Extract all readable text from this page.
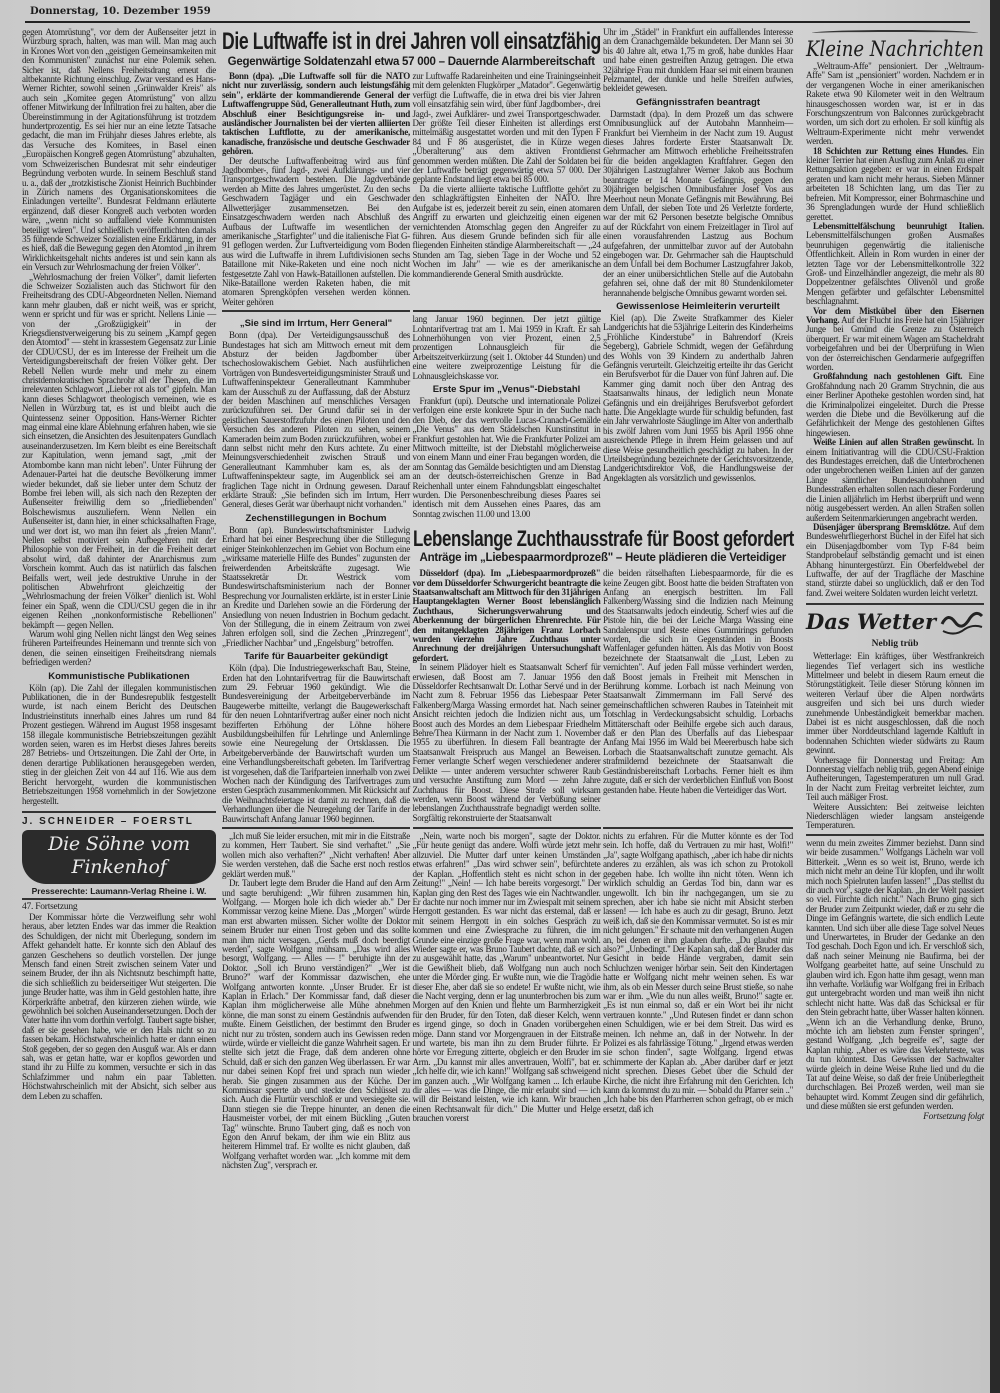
Donnerstag, 10. Dezember 1959

gegen Atomrüstung", vor dem der Außenseiter jetzt in Würzburg sprach, halten, was man will. Man mag auch in Krones Wort von den „geistigen Gemeinsamkeiten mit den Kommunisten" zunächst nur eine Polemik sehen. Sicher ist, daß Nellens Freiheitsdrang erneut die altbekannte Richtung einschlug. Zwar verstand es Hans-Werner Richter, sowohl seinen „Grünwalder Kreis" als auch sein „Komitee gegen Atomrüstung" von allzu offener Mitwirkung der Infiltration frei zu halten, aber die Übereinstimmung in der Agitationsführung ist trotzdem hundertprozentig. Es sei hier nur an eine letzte Tatsache gedacht, die man im Frühjahr dieses Jahres erlebte, als das Versuche des Komitees, in Basel einen „Europäischen Kongreß gegen Atomrüstung" abzuhalten, vom Schweizerischen Bundesrat mit sehr eindeutiger Begründung verboten wurde. In seinem Beschluß stand u. a., daß der „trotzkistische Zionist Heinrich Buchbinder in Zürich namens des Organisationskomitees die Einladungen verteilte". Bundesrat Feldmann erläuterte ergänzend, daß dieser Kongreß auch verboten worden wäre, „wenn nicht so auffallend viele Kommunisten beteiligt wären". Und schließlich veröffentlichten damals 35 führende Schweizer Sozialisten eine Erklärung, in der es hieß, daß die Bewegung gegen den Atomtod „in ihrem Wirklichkeitsgehalt nichts anderes ist und sein kann als ein Versuch zur Wehrlosmachung der freien Völker".

„Wehrlosmachung der freien Völker", damit lieferten die Schweizer Sozialisten auch das Stichwort für den Freiheitsdrang des CDU-Abgeordneten Nellen. Niemand kann mehr glauben, daß er nicht weiß, was er spricht, wenn er spricht und für was er spricht. Nellens Linie — von der „Großzügigkeit" in der Kriegsdienstverweigerung bis zu seinem „Kampf gegen den Atomtod" — steht in krassestem Gegensatz zur Linie der CDU/CSU, der es im Interesse der Freiheit um die Verteidigungsbereitschaft der freien Völker geht. Der Rebell Nellen wurde mehr und mehr zu einem christdemokratischen Sprachrohr all der Thesen, die im irrelevanten Schlagwort „Lieber rot als tot" gipfeln. Man kann dieses Schlagwort theologisch verneinen, wie es Nellen in Würzburg tat, es ist und bleibt auch die Quintessenz seiner Opposition. Hans-Werner Richter mag einmal eine klare Ablehnung erfahren haben, wie sie sich einsetzen, die Ansichten des Jesuitenpaters Gundlach auseinanderzusetzen. Im Kern bleibt es eine Bereitschaft zur Kapitulation, wenn jemand sagt, „mit der Atombombe kann man nicht leben". Unter Führung der Adenauer-Partei hat die deutsche Bevölkerung immer wieder bekundet, daß sie lieber unter dem Schutz der Bombe frei leben will, als sich nach den Rezepten der Außenseiter freiwillig dem so „friedliebenden" Bolschewismus auszuliefern. Wenn Nellen ein Außenseiter ist, dann hier, in einer schicksalhaften Frage, und wer dort ist, wo man ihn feiert als „freien Mann". Nellen selbst motiviert sein Aufbegehren mit der Philosophie von der Freiheit, in der die Freiheit derart absolut wird, daß dahinter der Anarchismus zum Vorschein kommt. Auch das ist natürlich das falschen Beifalls wert, weil jede destruktive Unruhe in der politischen Abwehrfront gleichzeitig der „Wehrlosmachung der freien Völker" dienlich ist. Wohl feiner ein Spaß, wenn die CDU/CSU gegen die in ihr eigenen Reihen „nonkonformistische Rebellionen" bekämpft — gegen Nellen.

Warum wohl ging Nellen nicht längst den Weg seines früheren Parteifreundes Heinemann und trennte sich von denen, die seinen einseitigen Freiheitsdrang niemals befriedigen werden?

Kommunistische Publikationen

Köln (ap). Die Zahl der illegalen kommunistischen Publikationen, die in der Bundesrepublik festgestellt wurde, ist nach einem Bericht des Deutschen Industrieinstituts innerhalb eines Jahres um rund 84 Prozent gestiegen. Während im August 1958 insgesamt 158 illegale kommunistische Betriebszeitungen gezählt worden seien, waren es im Herbst dieses Jahres bereits 287 Betriebs- und Ortszeitungen. Die Zahl der Orte, in denen derartige Publikationen herausgegeben werden, stieg in der gleichen Zeit von 44 auf 116. Wie aus dem Bericht hervorgeht, wurden die kommunistischen Betriebszeitungen 1958 vornehmlich in der Sowjetzone hergestellt.

J. SCHNEIDER – FOERSTL
Die Söhne vom Finkenhof
Presserechte: Laumann-Verlag Rheine i. W.
47. Fortsetzung

Der Kommissar hörte die Verzweiflung sehr wohl heraus, aber letzten Endes war das immer die Reaktion des Schuldigen, der nicht mit Überlegung, sondern im Affekt gehandelt hatte. Er konnte sich den Ablauf des ganzen Geschehens so deutlich vorstellen. Der junge Mensch fand einen Streit zwischen seinem Vater und seinem Bruder, der ihn als Nichtsnutz beschimpft hatte, die sich schließlich zu beiderseitiger Wut steigerten. Die junge Bruder hatte, was ihm in Geld gestohlen hatte, ihre Körperkräfte anbetraf, den kürzeren ziehen würde, wie gewöhnlich bei solchen Auseinandersetzungen. Doch der Vater hatte ihn vom dorthin verfolgt. Taubert sagte bisher, daß er sie gesehen habe, wie er den Hals nicht so zu fassen bekam. Höchstwahrscheinlich hatte er dann einen Stoß gegeben, der so gegen den Ausguß war. Als er dann sah, was er getan hatte, war er kopflos geworden und stand ihr zu Hilfe zu kommen, versuchte er sich in das Schlafzimmer und nahm ein paar Tabletten. Höchstwahrscheinlich mit der Absicht, sich selber aus dem Leben zu schaffen.

Die Luftwaffe ist in drei Jahren voll einsatzfähig
Gegenwärtige Soldatenzahl etwa 57 000 – Dauernde Alarmbereitschaft

Uhr im „Städel" in Frankfurt ein auffallendes Interesse an dem Cranachgemälde bekundeten. Der Mann sei 30 bis 40 Jahre alt, etwa 1,75 m groß, habe dunkles Haar und habe einen gestreiften Anzug getragen. Die etwa 32jährige Frau mit dunklem Haar sei mit einem braunen Pelzmantel, der dunkle und helle Streifen aufwies, bekleidet gewesen.

Gefängnisstrafen beantragt

Darmstadt (dpa). In dem Prozeß um das schwere Omnibusunglück auf der Autobahn Mannheim—Frankfurt bei Viernheim in der Nacht zum 19. August dieses Jahres forderte Erster Staatsanwalt Dr. Gehrmacher am Mittwoch erhebliche Freiheitsstrafen für die beiden angeklagten Kraftfahrer. Gegen den 30jährigen Lastzugfahrer Werner Jakob aus Bochum beantragte er 14 Monate Gefängnis, gegen den 30jährigen belgischen Omnibusfahrer Josef Vos aus Meerhout neun Monate Gefängnis mit Bewährung. Bei dem Unfall, der sieben Tote und 26 Verletzte forderte, war der mit 62 Personen besetzte belgische Omnibus auf der Rückfahrt von einem Freizeitlager in Tirol auf einen vorausfahrenden Lastzug aus Bochum aufgefahren, der unmittelbar zuvor auf der Autobahn eingebogen war. Dr. Gehrmacher sah die Hauptschuld an dem Unfall bei dem Bochumer Lastzugfahrer Jakob, der an einer unübersichtlichen Stelle auf die Autobahn gefahren sei, ohne daß der mit 80 Stundenkilometer herannahende belgische Omnibus gewarnt worden sei.

Gewissenlose Heimleiterin verurteilt

Kiel (ap). Die Zweite Strafkammer des Kieler Landgerichts hat die 53jährige Leiterin des Kinderheims „Fröhliche Kinderstube" in Bahrendorf (Kreis Segeberg), Gabriele Schmidt, wegen der Gefährdung des Wohls von 39 Kindern zu anderthalb Jahren Gefängnis verurteilt. Gleichzeitig erteilte ihr das Gericht ein Berufsverbot für die Dauer von fünf Jahren auf. Die Kammer ging damit noch über den Antrag des Staatsanwalts hinaus, der lediglich neun Monate Gefängnis und ein dreijähriges Berufsverbot gefordert hatte. Die Angeklagte wurde für schuldig befunden, fast ein Jahr verwahrloste Säuglinge im Alter von anderthalb bis zwölf Jahren vom Juni 1955 bis April 1956 ohne ausreichende Pflege in ihrem Heim gelassen und auf diese Weise gesundheitlich geschädigt zu haben. In der Urteilsbegründung bezeichnete der Gerichtsvorsitzende, Landgerichtsdirektor Voß, die Handlungsweise der Angeklagten als vorsätzlich und gewissenlos.

Bonn (dpa). „Die Luftwaffe soll für die NATO nicht nur zuverlässig, sondern auch leistungsfähig sein", erklärte der kommandierende General der Luftwaffengruppe Süd, Generalleutnant Huth, zum Abschluß einer Besichtigungsreise in- und ausländischer Journalisten bei der vierten alliierten taktischen Luftflotte, zu der amerikanische, kanadische, französische und deutsche Geschwader gehören.

Der deutsche Luftwaffenbeitrag wird aus fünf Jagdbomber-, fünf Jagd-, zwei Aufklärungs- und vier Transportgeschwadern bestehen. Die Jagdverbände werden ab Mitte des Jahres umgerüstet. Zu den sechs Geschwadern Tagjäger und ein Geschwader Allwetterjäger zusammensetzen. Bei den Einsatzgeschwadern werden nach Abschluß des Aufbaus der Luftwaffe im wesentlichen der amerikanische „Starfighter" und die italienische Fiat G-91 geflogen werden. Zur Luftverteidigung vom Boden aus wird die Luftwaffe in ihrem Luftdivisionen sechs Bataillone mit Nike-Raketen und eine noch nicht festgesetzte Zahl von Hawk-Bataillonen aufstellen. Die Nike-Bataillone werden Raketen haben, die mit atomaren Sprengköpfen versehen werden können. Weiter gehören

zur Luftwaffe Radareinheiten und eine Trainingseinheit mit dem gelenkten Flugkörper „Matador". Gegenwärtig verfügt die Luftwaffe, die in etwa drei bis vier Jahren voll einsatzfähig sein wird, über fünf Jagdbomber-, drei Jagd-, zwei Aufklärer- und zwei Transportgeschwader. Der größte Teil dieser Einheiten ist allerdings erst mittelmäßig ausgestattet worden und mit den Typen F 84 und F 86 ausgerüstet, die in Kürze wegen „Überalterung" aus dem aktiven Frontdienst genommen werden müßten. Die Zahl der Soldaten bei der Luftwaffe beträgt gegenwärtig etwa 57 000. Der geplante Endstand liegt etwa bei 85 000.

Da die vierte alliierte taktische Luftflotte gehört zu den schlagkräftigsten Einheiten der NATO. Ihre Aufgabe ist es, jederzeit bereit zu sein, einen atomaren Angriff zu erwarten und gleichzeitig einen eigenen vernichtenden Atomschlag gegen den Angreifer zu führen. Aus diesem Grunde befinden sich für alle fliegenden Einheiten ständige Alarmbereitschaft — „24 Stunden am Tag, sieben Tage in der Woche und 52 Wochen im Jahr" — wie es der amerikanische kommandierende General Smith ausdrückte.

„Sie sind im Irrtum, Herr General"

Bonn (dpa). Der Verteidigungsausschuß des Bundestages hat sich am Mittwoch erneut mit dem Absturz der beiden Jagdbomber über tschechoslowakischem Gebiet. Nach ausführlichen Vorträgen von Bundesverteidigungsminister Strauß und Luftwaffeninspekteur Generalleutnant Kammhuber kam der Ausschuß zu der Auffassung, daß der Absturz der beiden Maschinen auf menschliches Versagen zurückzuführen sei. Der Grund dafür sei in der geistlichen Sauerstoffzufuhr des einen Piloten und den Versuchen des anderen Piloten zu sehen, seinem Kameraden beim zum Boden zurückzuführen, wobei er dann selbst nicht mehr den Kurs achtete. Zu einer Meinungsverschiedenheit zwischen Strauß und Generalleutnant Kammhuber kam es, als der Luftwaffeninspekteur sagte, im Augenblick sei am fraglichen Tage nicht in Ordnung gewesen. Darauf erklärte Strauß: „Sie befinden sich im Irrtum, Herr General, dieses Gerät war überhaupt nicht vorhanden."

Zechenstillegungen in Bochum

Bonn (ap). Bundeswirtschaftsminister Ludwig Erhard hat bei einer Besprechung über die Stillegung einiger Steinkohlenzechen im Gebiet von Bochum eine „wirksame materielle Hilfe des Bundes" zugunsten der freiwerdenden Arbeitskräfte zugesagt. Wie Staatssekretär Dr. Westrick vom Bundeswirtschaftsministerium nach der Bonner Besprechung vor Journalisten erklärte, ist in erster Linie an Kredite und Darlehen sowie an die Förderung der Ansiedlung von neuen Industrien in Bochum gedacht. Von der Stillegung, die in einem Zeitraum von zwei Jahren erfolgen soll, sind die Zechen „Prinzregent", „Friedlicher Nachbar" und „Engelsburg" betroffen.

Tarife für Bauarbeiter gekündigt

Köln (dpa). Die Industriegewerkschaft Bau, Steine, Erden hat den Lohntarifvertrag für die Bauwirtschaft zum 29. Februar 1960 gekündigt. Wie die Bundesvereinigung der Arbeitgeberverbände im Baugewerbe mitteilte, verlangt die Baugewerkschaft für den neuen Lohntarifvertrag außer einer noch nicht bezifferten Erhöhung der Löhne höhere Ausbildungsbeihilfen für Lehrlinge und Anlernlinge sowie eine Neuregelung der Ortsklassen. Die Arbeitgeberverbände der Bauwirtschaft wurden um eine Verhandlungsbereitschaft gebeten. Im Tarifvertrag ist vorgesehen, daß die Tarifparteien innerhalb von zwei Wochen nach der Kündigung des Tarifvertrages zum ersten Gespräch zusammenkommen. Mit Rücksicht auf die Weihnachtsfeiertage ist damit zu rechnen, daß die Verhandlungen über die Neuregelung der Tarife in der Bauwirtschaft Anfang Januar 1960 beginnen.

lang Januar 1960 beginnen. Der jetzt gültige Lohntarifvertrag trat am 1. Mai 1959 in Kraft. Er sah Lohnerhöhungen von vier Prozent, einen 2,5 prozentigen Lohnausgleich für die Arbeitszeitverkürzung (seit 1. Oktober 44 Stunden) und eine weitere zweiprozentige Leistung für die Lohnausgleichskasse vor.

Erste Spur im „Venus"-Diebstahl

Frankfurt (upi). Deutsche und internationale Polizei verfolgen eine erste konkrete Spur in der Suche nach den Dieb, der das wertvolle Lucas-Cranach-Gemälde „Die Venus" aus dem Städelschen Kunstinstitut in Frankfurt gestohlen hat. Wie die Frankfurter Polizei am Mittwoch mitteilte, ist der Diebstahl möglicherweise von einem Mann und einer Frau begangen worden, die am Sonntag das Gemälde besichtigten und am Dienstag an der deutsch-österreichischen Grenze in Bad Reichenhall unter einem Fahndungsblatt eingeschaltet wurden. Die Personenbeschreibung dieses Paares sei identisch mit dem Aussehen eines Paares, das am Sonntag zwischen 11.00 und 13.00

Lebenslange Zuchthausstrafe für Boost gefordert
Anträge im „Liebespaarmordprozeß" – Heute plädieren die Verteidiger

Düsseldorf (dpa). Im „Liebespaarmordprozeß" vor dem Düsseldorfer Schwurgericht beantragte die Staatsanwaltschaft am Mittwoch für den 31jährigen Hauptangeklagten Werner Boost lebenslänglich Zuchthaus, Sicherungsverwahrung und Aberkennung der bürgerlichen Ehrenrechte. Für den mitangeklagten 28jährigen Franz Lorbach wurden vierzehn Jahre Zuchthaus unter Anrechnung der dreijährigen Untersuchungshaft gefordert.

In seinem Plädoyer hielt es Staatsanwalt Scherf für erwiesen, daß Boost am 7. Januar 1956 den Düsseldorfer Rechtsanwalt Dr. Lothar Servé und in der Nacht zum 8. Februar 1956 das Liebespaar Peter Falkenberg/Marga Wassing ermordet hat. Nach seiner Ansicht reichten jedoch die Indizien nicht aus, um Boost auch des Mordes an dem Liebespaar Friedhelm Behre/Thea Kürmann in der Nacht zum 1. November 1955 zu überführen. In diesem Fall beantragte der Staatsanwalt Freispruch aus Mangel an Beweisen. Ferner verlangte Scherf wegen verschiedener anderer Delikte — unter anderem versuchter schwerer Raub und versuchte Anstiftung zum Mord — zehn Jahre Zuchthaus für Boost. Diese Strafe soll wirksam werden, wenn Boost während der Verbüßung seiner lebenslangen Zuchthausstrafe begnadigt werden sollte. Sorgfältig rekonstruierte der Staatsanwalt

die beiden rätselhaften Liebespaarmorde, für die es keine Zeugen gibt. Boost hatte die beiden Straftaten von Anfang an energisch bestritten. Im Fall Falkenberg/Wassing sind die Indizien nach Meinung des Staatsanwalts jedoch eindeutig. Scherf wies auf die Pistole hin, die bei der Leiche Marga Wassing eine Sandalenspur und Reste eines Gummirings gefunden worden, die sich in Gegenständen in Boosts Waffenlager gefunden hätten. Als das Motiv von Boost bezeichnete der Staatsanwalt die „Lust, Leben zu vernichten". Auf jeden Fall müsse verhindert werden, daß Boost jemals in Freiheit mit Menschen in Berührung komme. Lorbach ist nach Meinung von Staatsanwalt Zimmermann im Fall Servé des gemeinschaftlichen schweren Raubes in Tateinheit mit Totschlag in Verdeckungsabsicht schuldig. Lorbachs Mittäterschaft oder Beihilfe ergebe sich auch daraus, daß er den Plan des Überfalls auf das Liebespaar Anfang Mai 1956 im Wald bei Meererbusch habe sich Lorbach die Staatsanwaltschaft zunutze gemacht. Als strafmildernd bezeichnete der Staatsanwalt die Geständnisbereitschaft Lorbachs. Ferner hielt es ihm zugute, daß er sich der verderblichen Einfluß von Boost gestanden habe. Heute haben die Verteidiger das Wort.

„Ich muß Sie leider ersuchen, mit mir in die Eitstraße zu kommen, Herr Taubert. Sie sind verhaftet." „Sie wollen mich also verhaften?" „Nicht verhaften! Aber Sie werden verstehen, daß die Sache erst noch restlos geklärt werden muß."

Dr. Taubert legte dem Bruder die Hand auf den Arm und sagte beruhigend: „Wir führen zusammen hin, Wolfgang. — Morgen hole ich dich wieder ab." Der Kommissar verzog keine Miene. Das „Morgen" würde man erst abwarten müssen. Sicher wollte der Doktor seinem Bruder nur einen Trost geben und das sollte man ihm nicht versagen. „Gerds muß doch beerdigt werden", sagte Wolfgang mühsam. „Das wird alles besorgt, Wolfgang. — Alles — !" beruhigte ihn der Doktor. „Soll ich Bruno verständigen?" „Wer ist Bruno?" warf der Kommissar dazwischen, ehe Wolfgang antworten konnte. „Unser Bruder. Er ist Kaplan in Erlach." Der Kommissar fand, daß dieser Kaplan ihm möglicherweise alle Mühe abnehmen könne, die man sonst zu einem Geständnis aufwenden mußte. Einem Geistlichen, der bestimmt den Bruder nicht nur zu trösten, sondern auch ins Gewissen reden würde, würde er vielleicht die ganze Wahrheit sagen. Er stellte sich jetzt die Frage, daß dem anderen ohne Schuld, daß er sich den ganzen Weg überlassen. Er war nur dabei seinen Kopf frei und sprach nun wieder herab. Sie gingen zusammen aus der Küche. Der Kommissar sperrte ab und steckte den Schlüssel zu sich. Auch die Flurtür verschloß er und versiegelte sie. Dann stiegen sie die Treppe hinunter, an denen die Hausmeister vorbei, der mit einem Bückling „Guten Tag" wünschte. Bruno Taubert ging, daß es noch von Egon den Anruf bekam, der ihm wie ein Blitz aus heiterem Himmel traf. Er wollte es nicht glauben, daß Wolfgang verhaftet worden war. „Ich komme mit dem nächsten Zug", versprach er.

„Nein, warte noch bis morgen", sagte der Doktor. „Für heute genügt das andere. Wolfi würde jetzt mehr allzuviel. Die Mutter darf unter keinen Umständen etwas erfahren!" „Das wird schwer sein", befürchtete der Kaplan. „Hoffentlich steht es nicht schon in der Zeitung!" „Nein! — Ich habe bereits vorgesorgt." Der Kaplan ging den Rest des Tages wie ein Nachtwandler. Er dachte nur noch immer nur im Zwiespalt mit seinem Herrgott gestanden. Es war nicht das erstemal, daß er mit seinem Herrgott in ein solches Gespräch zu kommen und eine Zwiesprache zu führen, die im Grunde eine einzige große Frage war, wenn man wohl. Wieder sagte er, was Bruno Taubert dachte, daß er sich zu ausgewählt hatte, das „Warum" unbeantwortet. Nur die Gewißheit blieb, daß Wolfgang nun auch noch unter die Mörder ging. Er wußte nun, wie die Tragödie dieser Ehe, aber daß sie so endete! Er wußte nicht, wie die Nacht verging, denn er lag ununterbrochen bis zum Morgen auf den Knien und flehte um Barmherzigkeit für den Bruder, für den Toten, daß dieser Kelch, wenn es irgend ginge, so doch in Gnaden vorübergehen möge. Dann stand vor Morgengrauen in der Eitstraße und wartete, bis man ihn zu dem Bruder führte. Er hörte vor Erregung zitterte, obgleich er den Bruder im Arm. „Du kannst mir alles anvertrauen, Wolfi", bat er. „Ich helfe dir, wie ich kann!" Wolfgang saß schweigend im ganzen auch. „Wir Wolfgang kamen ... Ich erlaube dir alles — was die Dinge, die mir erlaubt sind — ich will dir Beistand leisten, wie ich kann. Wir brauchen einen Rechtsanwalt für dich." Die Mutter und Helge brauchen vorerst

nichts zu erfahren. Für die Mutter könnte es der Tod sein. Ich hoffe, daß du Vertrauen zu mir hast, Wolfi!" „Ja", sagte Wolfgang apathisch, „aber ich habe dir nichts anderes zu erzählen, als was ich schon zu Protokoll gegeben habe. Ich wollte ihn nicht töten. Wenn ich wirklich schuldig an Gerdas Tod bin, dann war es ungewollt. Ich bin ihr nachgegangen, um sie zu sprechen, aber ich habe sie nicht mit Absicht sterben lassen! — Ich habe es auch zu dir gesagt, Bruno. Jetzt weiß ich, daß sie den Kommissar vermutet. So ist es mir nicht gelungen." Er schaute mit den verhangenen Augen an, bei denen er ihm glauben durfte. „Du glaubst mir also?" „Unbedingt." Der Kaplan sah, daß der Bruder das Gesicht in beide Hände vergraben, damit sein Schluchzen weniger hörbar sein. Seit den Kindertagen hatte er Wolfgang nicht mehr weinen sehen. Es war ihm, als ob ein Messer durch seine Brust stieße, so nahe war er ihm. „Wie du nun alles weißt, Bruno!" sagte er. „Es ist nun einmal so, daß er ein Wort bei ihr nicht vertrauen konnte." „Und Rutesen findet er dann schon einen Schuldigen, wie er bei dem Streit. Das wird es meinen. Ich nehme an, daß in der Notwehr. In der Polizei es als fahrlässige Tötung." „Irgend etwas werden sie schon finden", sagte Wolfgang. Irgend etwas schimmerte der Kaplan ab. „Aber darüber darf er jetzt nicht sprechen. Dieses Gebet über die Schuld der Kirche, die nicht ihre Erfahrung mit den Gerichten. Ich kann da kommst du zu mir. — Sobald du Pfarrer sein .." „Ich habe bis den Pfarrherren schon gefragt, ob er mich ersetzt, daß ich

Kleine Nachrichten

„Weltraum-Affe" pensioniert. Der „Weltraum-Affe" Sam ist „pensioniert" worden. Nachdem er in der vergangenen Woche in einer amerikanischen Rakete etwa 90 Kilometer weit in den Weltraum hinausgeschossen worden war, ist er in das Forschungszentrum von Balconnes zurückgebracht worden, um sich dort zu erholen. Er soll künftig als Weltraum-Experimente nicht mehr verwendet werden.

18 Schichten zur Rettung eines Hundes. Ein kleiner Terrier hat einen Ausflug zum Anlaß zu einer Rettungsaktion gegeben: er war in einen Erdspalt geraten und kam nicht mehr heraus. Sieben Männer arbeiteten 18 Schichten lang, um das Tier zu befreien. Mit Kompressor, einer Bohrmaschine und 36 Sprengladungen wurde der Hund schließlich gerettet.

Lebensmittelfälschung beunruhigt Italien. Lebensmittelfälschungen großen Ausmaßes beunruhigen gegenwärtig die italienische Öffentlichkeit. Allein in Rom wurden in einer der letzten Tage vor der Lebensmittelkontrolle 322 Groß- und Einzelhändler angezeigt, die mehr als 80 Doppelzentner gefälschtes Olivenöl und große Mengen gefärbter und gefälschter Lebensmittel beschlagnahmt.

Vor dem Mistkübel über den Eisernen Vorhang. Auf der Flucht ins Freie hat ein 15jähriger Junge bei Gmünd die Grenze zu Österreich überquert. Er war mit einem Wagen am Stacheldraht vorbeigefahren und bei der Überprüfung in Wien von der österreichischen Gendarmerie aufgegriffen worden.

Großfahndung nach gestohlenen Gift. Eine Großfahndung nach 20 Gramm Strychnin, die aus einer Berliner Apotheke gestohlen worden sind, hat die Kriminalpolizei eingeleitet. Durch die Presse werden die Diebe und die Bevölkerung auf die Gefährlichkeit der Menge des gestohlenen Giftes hingewiesen.

Weiße Linien auf allen Straßen gewünscht. In einem Initiativantrag will die CDU/CSU-Fraktion des Bundestages erreichen, daß die Unterbrochenen oder ungebrochenen weißen Linien auf der ganzen Länge sämtlicher Bundesautobahnen und Bundesstraßen erhalten sollen nach dieser Forderung die Linien alljährlich im Herbst überprüft und wenn nötig ausgebessert werden. An allen Straßen sollen außerdem Seitenmarkierungen angebracht werden.

Düsenjäger übersprang Bremsklötze. Auf dem Bundeswehrfliegerhorst Büchel in der Eifel hat sich ein Düsenjagdbomber vom Typ F-84 beim Standprobelauf selbständig gemacht und ist einen Abhang hinuntergestürzt. Ein Oberfeldwebel der Luftwaffe, der auf der Tragfläche der Maschine stand, stürzte dabei so unglücklich, daß er den Tod fand. Zwei weitere Soldaten wurden leicht verletzt.

Das Wetter
Neblig trüb

Wetterlage: Ein kräftiges, über Westfrankreich liegendes Tief verlagert sich ins westliche Mittelmeer und belebt in diesem Raum erneut die Störungstätigkeit. Teile dieser Störung können im weiteren Verlauf über die Alpen nordwärts ausgreifen und sich bei uns durch wieder zunehmende Unbeständigkeit bemerkbar machen. Dabei ist es nicht ausgeschlossen, daß die noch immer über Norddeutschland lagernde Kaltluft in bodennahen Schichten wieder südwärts zu Raum gewinnt.

Vorhersage für Donnerstag und Freitag: Am Donnerstag vielfach neblig trüb, gegen Abend einige Aufheiterungen, Tagestemperaturen um null Grad. In der Nacht zum Freitag verbreitet leichter, zum Teil auch mäßiger Frost.

Weitere Aussichten: Bei zeitweise leichten Niederschlägen wieder langsam ansteigende Temperaturen.

wenn du mein zweites Zimmer beziehst. Dann sind wir beide zusammen." Wolfgangs Lächeln war voll Bitterkeit. „Wenn es so weit ist, Bruno, werde ich mich nicht mehr an deine Tür klopfen, und ihr wollt mich noch Spielruten laufen lassen!" „Das stelltst du dir auch vor", sagte der Kaplan. „In der Welt passiert so viel. Fürchte dich nicht." Nach Bruno ging sich der Bruder zum Zeitpunkt wieder, daß er zu sehr die Dinge im Gefängnis wartete, die sich endlich Leute kannten. Und sich über alle diese Tage solvel Neues und Unerwartetes, in Bruder der Gedanke an den Tod geschah. Doch Egon und ich. Er verschloß sich, daß nach seiner Meinung nie Baufirma, bei der Wolfgang gearbeitet hatte, auf seine Unschuld zu glauben wird ich. Egon hatte ihm gesagt, wenn man ihn verhafte. Vorläufig war Wolfgang frei in Erlbach gut untergebracht worden und man weiß ihn nicht schlecht nicht hatte. Was daß das Schicksal er für den Stein gebracht hatte, über Wasser halten können. „Wenn ich an die Verhandlung denke, Bruno, möchte ich am liebsten zum Fenster springen", gestand Wolfgang. „Ich begreife es", sagte der Kaplan ruhig. „Aber es wäre das Verkehrteste, was du tun könntest. Das Gewissen der Sachwalter würde gleich in deine Weise Ruhe lied und du die Tat auf deine Weise, so daß der freie Unüberlegtheit durchschlagen. Bei Prozeß werden, weil man sie behauptet wird. Kommt Zeugen sind dir gefährlich, und diese müßten sie erst gefunden werden.

Fortsetzung folgt
